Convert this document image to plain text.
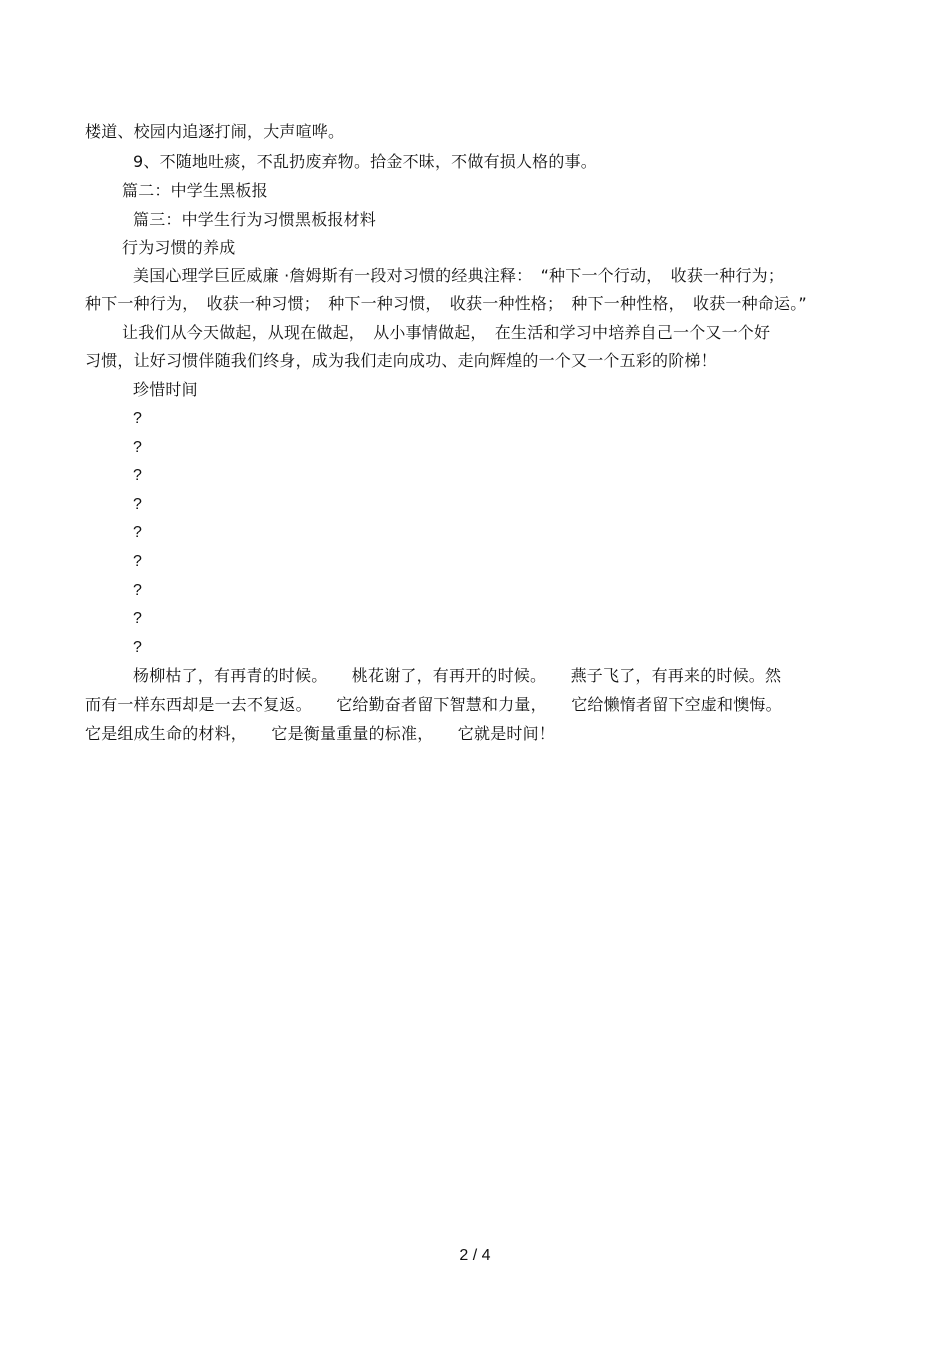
楼道、校园内追逐打闹，大声喧哗。
9、不随地吐痰，不乱扔废弃物。拾金不昧，不做有损人格的事。
篇二：中学生黑板报
篇三：中学生行为习惯黑板报材料
行为习惯的养成
美国心理学巨匠威廉 ·詹姆斯有一段对习惯的经典注释：　“种下一个行动，　收获一种行为；
种下一种行为，　收获一种习惯；　种下一种习惯，　收获一种性格；　种下一种性格，　收获一种命运。”
让我们从今天做起，从现在做起，　从小事情做起，　在生活和学习中培养自己一个又一个好
习惯，让好习惯伴随我们终身，成为我们走向成功、走向辉煌的一个又一个五彩的阶梯！
珍惜时间
?
?
?
?
?
?
?
?
?
杨柳枯了，有再青的时候。　　桃花谢了，有再开的时候。　　燕子飞了，有再来的时候。然
而有一样东西却是一去不复返。　　它给勤奋者留下智慧和力量，　　它给懒惰者留下空虚和懊悔。
它是组成生命的材料，　　它是衡量重量的标准，　　它就是时间！
2 / 4
